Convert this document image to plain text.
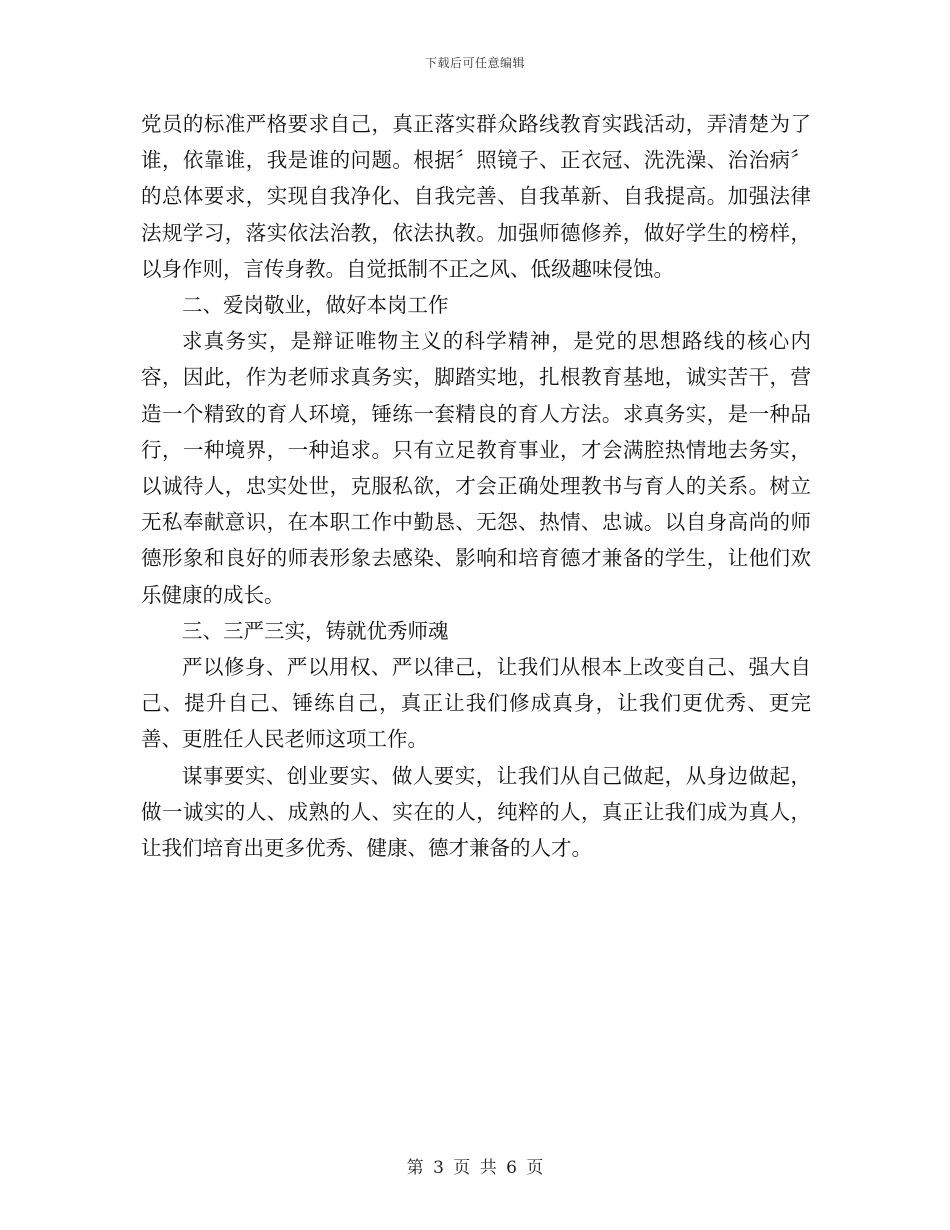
下载后可任意编辑

党员的标准严格要求自己，真正落实群众路线教育实践活动，弄清楚为了谁，依靠谁，我是谁的问题。根据〞照镜子、正衣冠、洗洗澡、治治病〞的总体要求，实现自我净化、自我完善、自我革新、自我提高。加强法律法规学习，落实依法治教，依法执教。加强师德修养，做好学生的榜样，以身作则，言传身教。自觉抵制不正之风、低级趣味侵蚀。

二、爱岗敬业，做好本岗工作

求真务实，是辩证唯物主义的科学精神，是党的思想路线的核心内容，因此，作为老师求真务实，脚踏实地，扎根教育基地，诚实苦干，营造一个精致的育人环境，锤练一套精良的育人方法。求真务实，是一种品行，一种境界，一种追求。只有立足教育事业，才会满腔热情地去务实，以诚待人，忠实处世，克服私欲，才会正确处理教书与育人的关系。树立无私奉献意识，在本职工作中勤恳、无怨、热情、忠诚。以自身高尚的师德形象和良好的师表形象去感染、影响和培育德才兼备的学生，让他们欢乐健康的成长。

三、三严三实，铸就优秀师魂

严以修身、严以用权、严以律己，让我们从根本上改变自己、强大自己、提升自己、锤练自己，真正让我们修成真身，让我们更优秀、更完善、更胜任人民老师这项工作。

谋事要实、创业要实、做人要实，让我们从自己做起，从身边做起，做一诚实的人、成熟的人、实在的人，纯粹的人，真正让我们成为真人，让我们培育出更多优秀、健康、德才兼备的人才。

第 3 页 共 6 页
